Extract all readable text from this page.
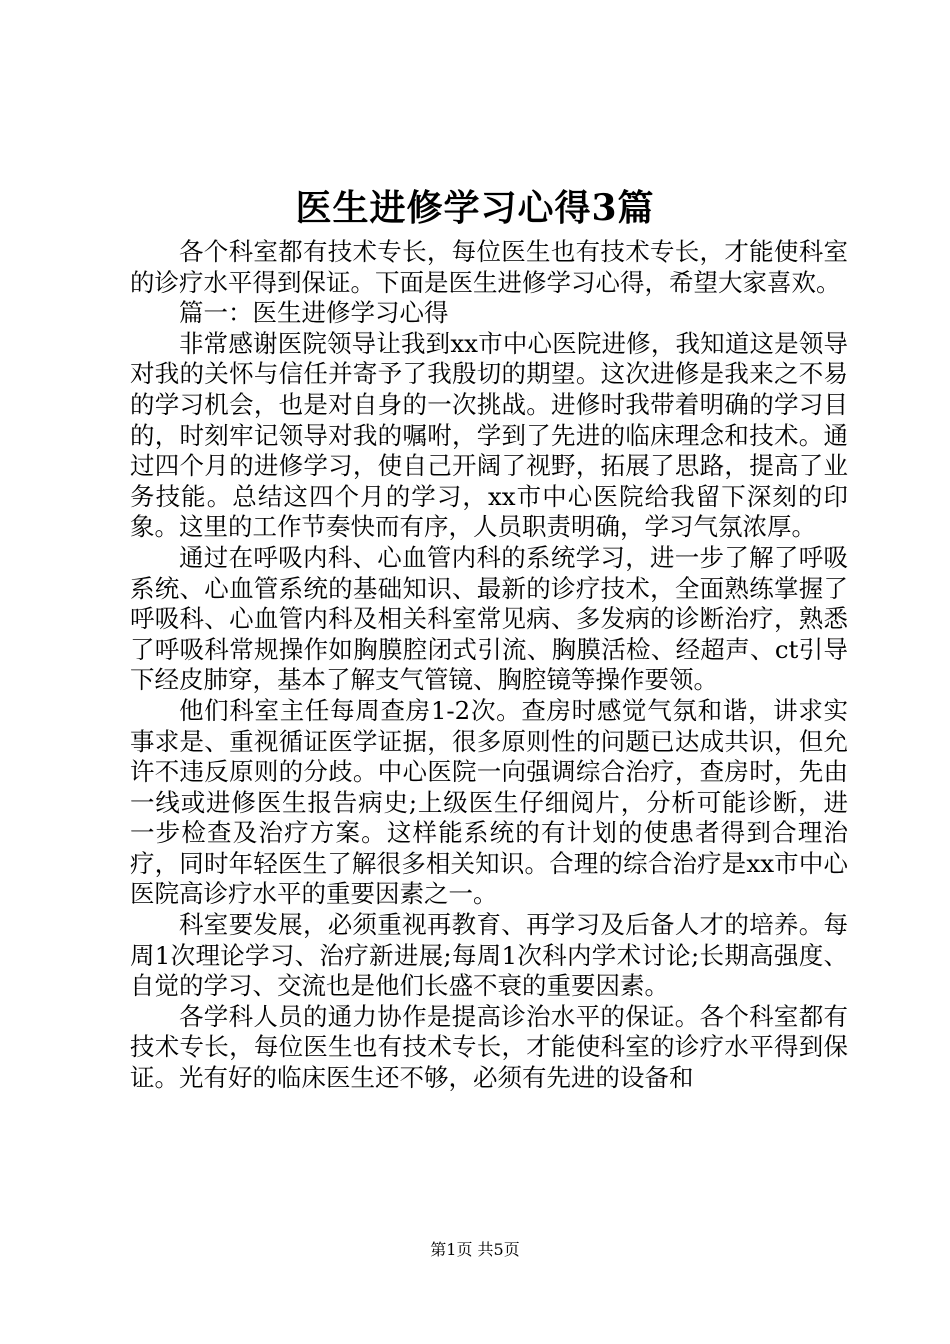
医生进修学习心得3篇

各个科室都有技术专长，每位医生也有技术专长，才能使科室的诊疗水平得到保证。下面是医生进修学习心得，希望大家喜欢。

篇一：医生进修学习心得

非常感谢医院领导让我到xx市中心医院进修，我知道这是领导对我的关怀与信任并寄予了我殷切的期望。这次进修是我来之不易的学习机会，也是对自身的一次挑战。进修时我带着明确的学习目的，时刻牢记领导对我的嘱咐，学到了先进的临床理念和技术。通过四个月的进修学习，使自己开阔了视野，拓展了思路，提高了业务技能。总结这四个月的学习，xx市中心医院给我留下深刻的印象。这里的工作节奏快而有序，人员职责明确，学习气氛浓厚。

通过在呼吸内科、心血管内科的系统学习，进一步了解了呼吸系统、心血管系统的基础知识、最新的诊疗技术，全面熟练掌握了呼吸科、心血管内科及相关科室常见病、多发病的诊断治疗，熟悉了呼吸科常规操作如胸膜腔闭式引流、胸膜活检、经超声、ct引导下经皮肺穿，基本了解支气管镜、胸腔镜等操作要领。

他们科室主任每周查房1-2次。查房时感觉气氛和谐，讲求实事求是、重视循证医学证据，很多原则性的问题已达成共识，但允许不违反原则的分歧。中心医院一向强调综合治疗，查房时，先由一线或进修医生报告病史;上级医生仔细阅片，分析可能诊断，进一步检查及治疗方案。这样能系统的有计划的使患者得到合理治疗，同时年轻医生了解很多相关知识。合理的综合治疗是xx市中心医院高诊疗水平的重要因素之一。

科室要发展，必须重视再教育、再学习及后备人才的培养。每周1次理论学习、治疗新进展;每周1次科内学术讨论;长期高强度、自觉的学习、交流也是他们长盛不衰的重要因素。

各学科人员的通力协作是提高诊治水平的保证。各个科室都有技术专长，每位医生也有技术专长，才能使科室的诊疗水平得到保证。光有好的临床医生还不够，必须有先进的设备和

第1页 共5页
